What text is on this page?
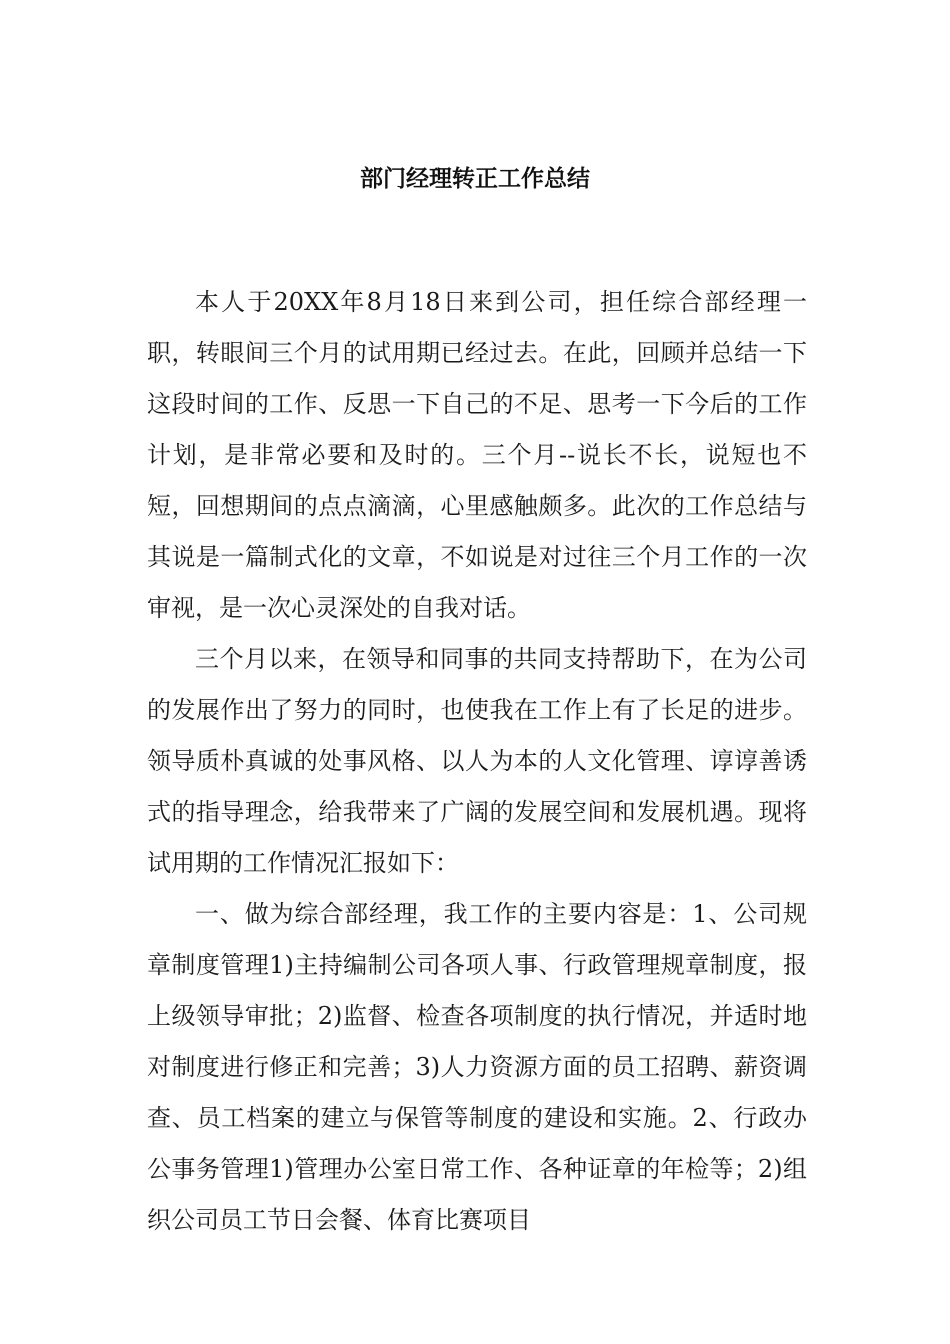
部门经理转正工作总结

本人于20XX年8月18日来到公司，担任综合部经理一职，转眼间三个月的试用期已经过去。在此，回顾并总结一下这段时间的工作、反思一下自己的不足、思考一下今后的工作计划，是非常必要和及时的。三个月--说长不长，说短也不短，回想期间的点点滴滴，心里感触颇多。此次的工作总结与其说是一篇制式化的文章，不如说是对过往三个月工作的一次审视，是一次心灵深处的自我对话。

三个月以来，在领导和同事的共同支持帮助下，在为公司的发展作出了努力的同时，也使我在工作上有了长足的进步。领导质朴真诚的处事风格、以人为本的人文化管理、谆谆善诱式的指导理念，给我带来了广阔的发展空间和发展机遇。现将试用期的工作情况汇报如下：

一、做为综合部经理，我工作的主要内容是：1、公司规章制度管理1)主持编制公司各项人事、行政管理规章制度，报上级领导审批；2)监督、检查各项制度的执行情况，并适时地对制度进行修正和完善；3)人力资源方面的员工招聘、薪资调查、员工档案的建立与保管等制度的建设和实施。2、行政办公事务管理1)管理办公室日常工作、各种证章的年检等；2)组织公司员工节日会餐、体育比赛项目
